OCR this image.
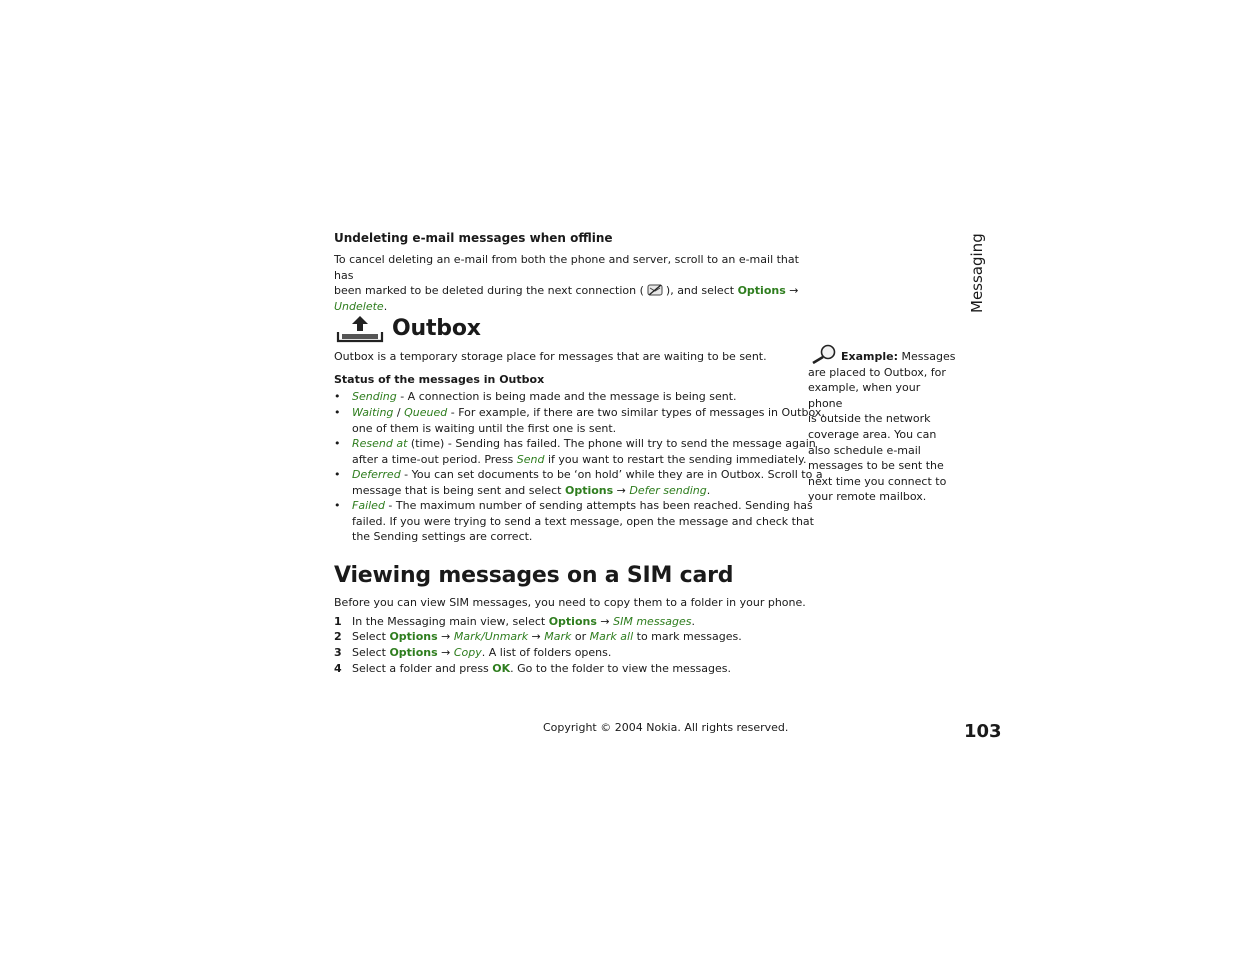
Messaging
Undeleting e-mail messages when offline
To cancel deleting an e-mail from both the phone and server, scroll to an e-mail that has
been marked to be deleted during the next connection ( ), and select Options →
Undelete.
Outbox
Outbox is a temporary storage place for messages that are waiting to be sent.
Status of the messages in Outbox
• Sending - A connection is being made and the message is being sent.
• Waiting / Queued - For example, if there are two similar types of messages in Outbox,
one of them is waiting until the first one is sent.
• Resend at (time) - Sending has failed. The phone will try to send the message again
after a time-out period. Press Send if you want to restart the sending immediately.
• Deferred - You can set documents to be ‘on hold’ while they are in Outbox. Scroll to a
message that is being sent and select Options → Defer sending.
• Failed - The maximum number of sending attempts has been reached. Sending has
failed. If you were trying to send a text message, open the message and check that
the Sending settings are correct.
Example: Messages
are placed to Outbox, for
example, when your phone
is outside the network
coverage area. You can
also schedule e-mail
messages to be sent the
next time you connect to
your remote mailbox.
Viewing messages on a SIM card
Before you can view SIM messages, you need to copy them to a folder in your phone.
1 In the Messaging main view, select Options → SIM messages.
2 Select Options → Mark/Unmark → Mark or Mark all to mark messages.
3 Select Options → Copy. A list of folders opens.
4 Select a folder and press OK. Go to the folder to view the messages.
Copyright © 2004 Nokia. All rights reserved.	103
